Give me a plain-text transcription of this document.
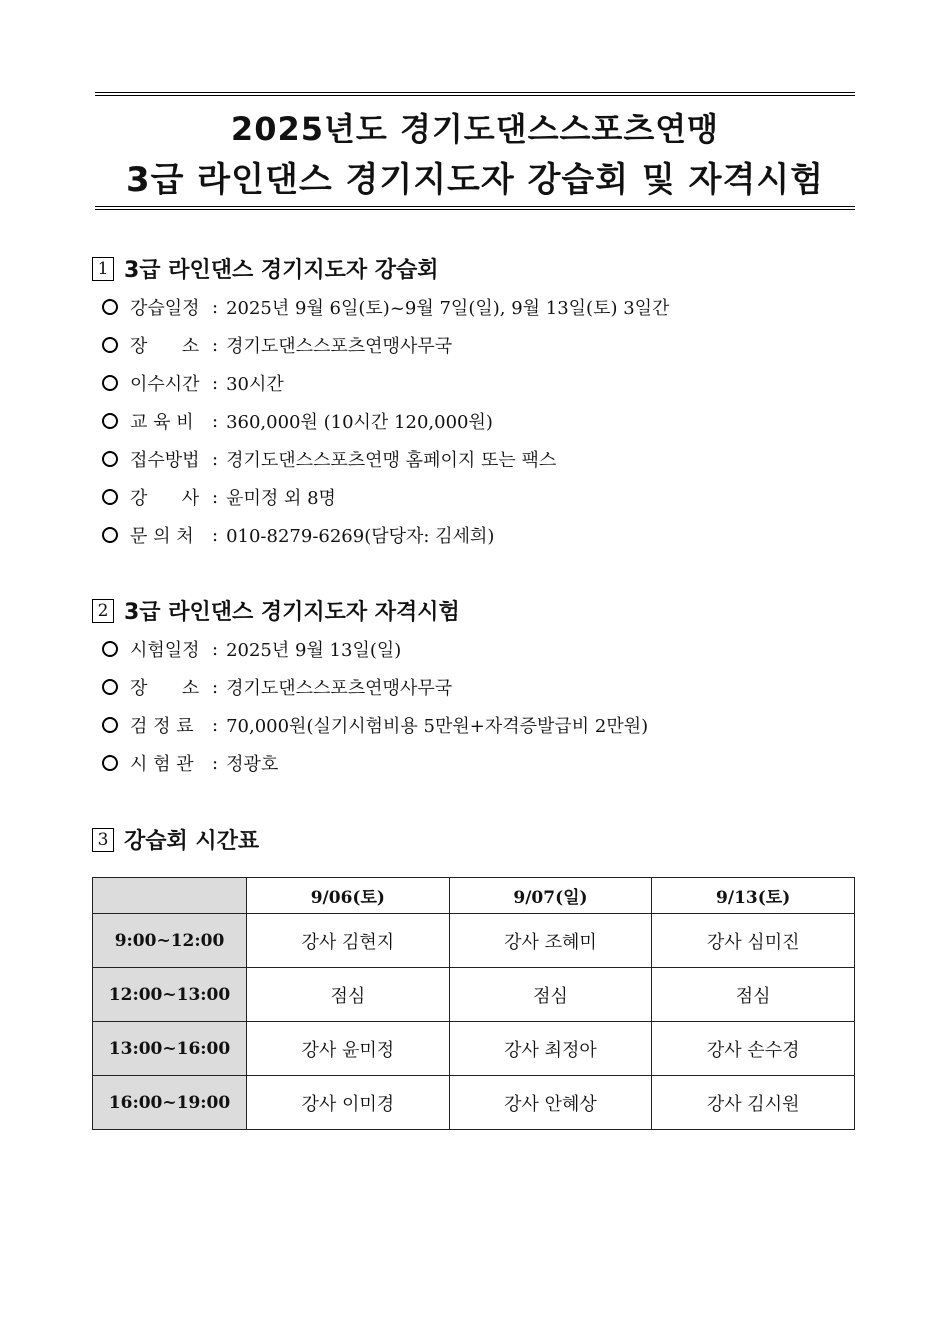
2025년도 경기도댄스스포츠연맹
3급 라인댄스 경기지도자 강습회 및 자격시험
1 3급 라인댄스 경기지도자 강습회
강습일정 : 2025년 9월 6일(토)~9월 7일(일), 9월 13일(토) 3일간
장      소 : 경기도댄스스포츠연맹사무국
이수시간 : 30시간
교 육 비	: 360,000원 (10시간 120,000원)
접수방법 : 경기도댄스스포츠연맹 홈페이지 또는 팩스
강      사 : 윤미정 외 8명
문 의 처	: 010-8279-6269(담당자: 김세희)
2 3급 라인댄스 경기지도자 자격시험
시험일정 : 2025년 9월 13일(일)
장      소 : 경기도댄스스포츠연맹사무국
검 정 료	: 70,000원(실기시험비용 5만원+자격증발급비 2만원)
시 험 관	: 정광호
3 강습회 시간표
	9/06(토)	9/07(일)	9/13(토)
9:00~12:00	강사 김현지	강사 조혜미	강사 심미진
12:00~13:00	점심	점심	점심
13:00~16:00	강사 윤미정	강사 최정아	강사 손수경
16:00~19:00	강사 이미경	강사 안혜상	강사 김시원
